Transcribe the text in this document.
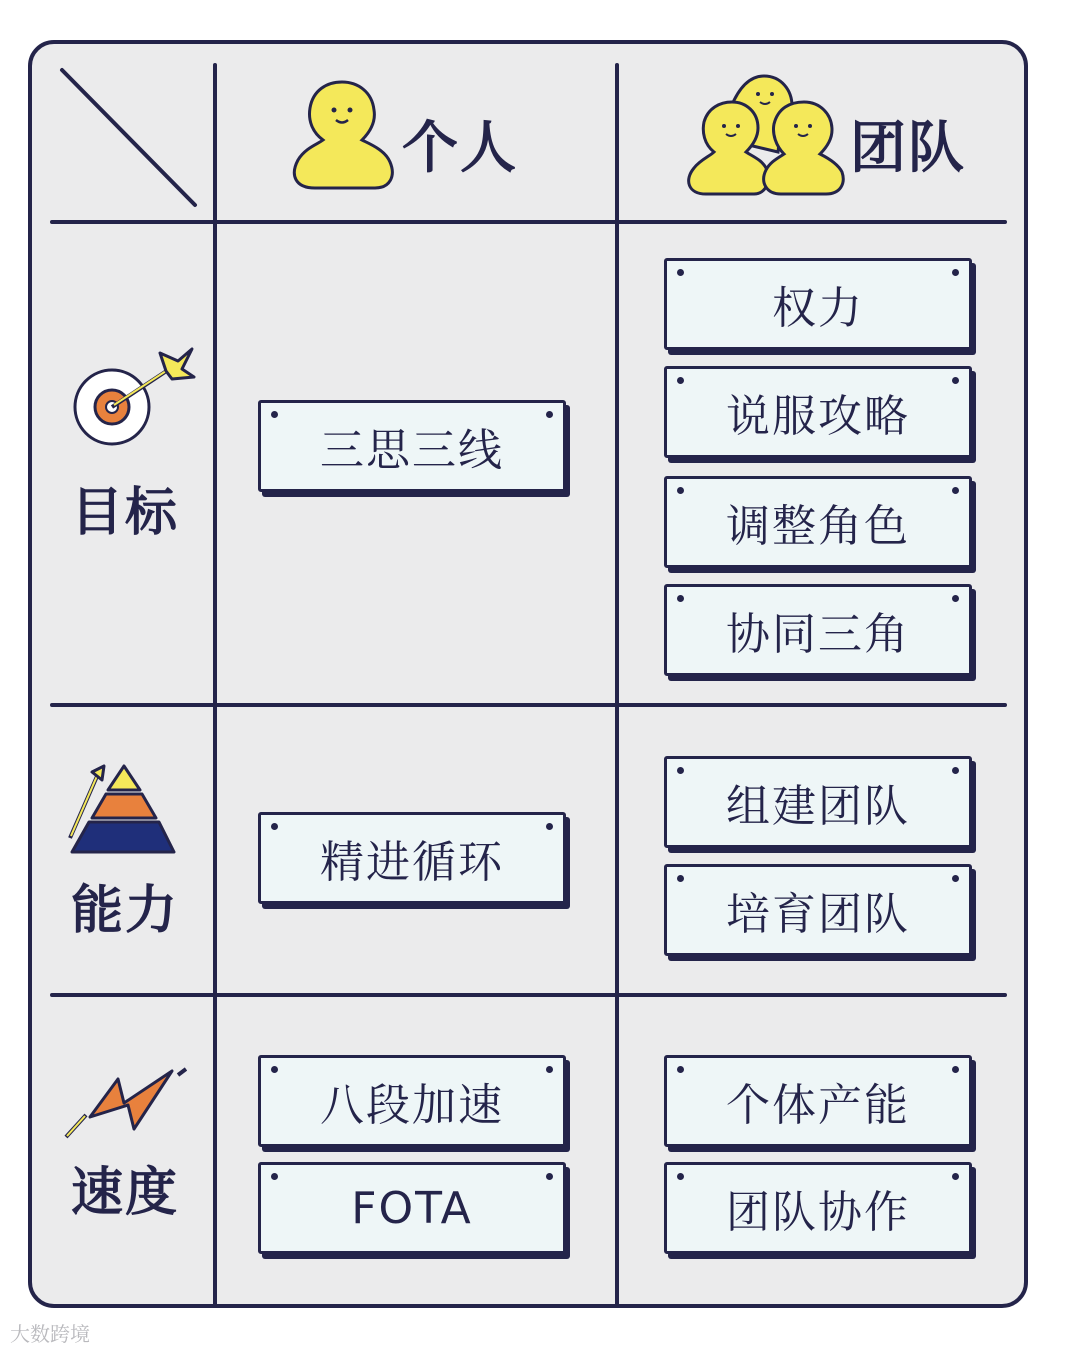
个人	团队
目标
能力
速度
三思三线
权力
说服攻略
调整角色
协同三角
精进循环
组建团队
培育团队
八段加速
FOTA
个体产能
团队协作
大数跨境
